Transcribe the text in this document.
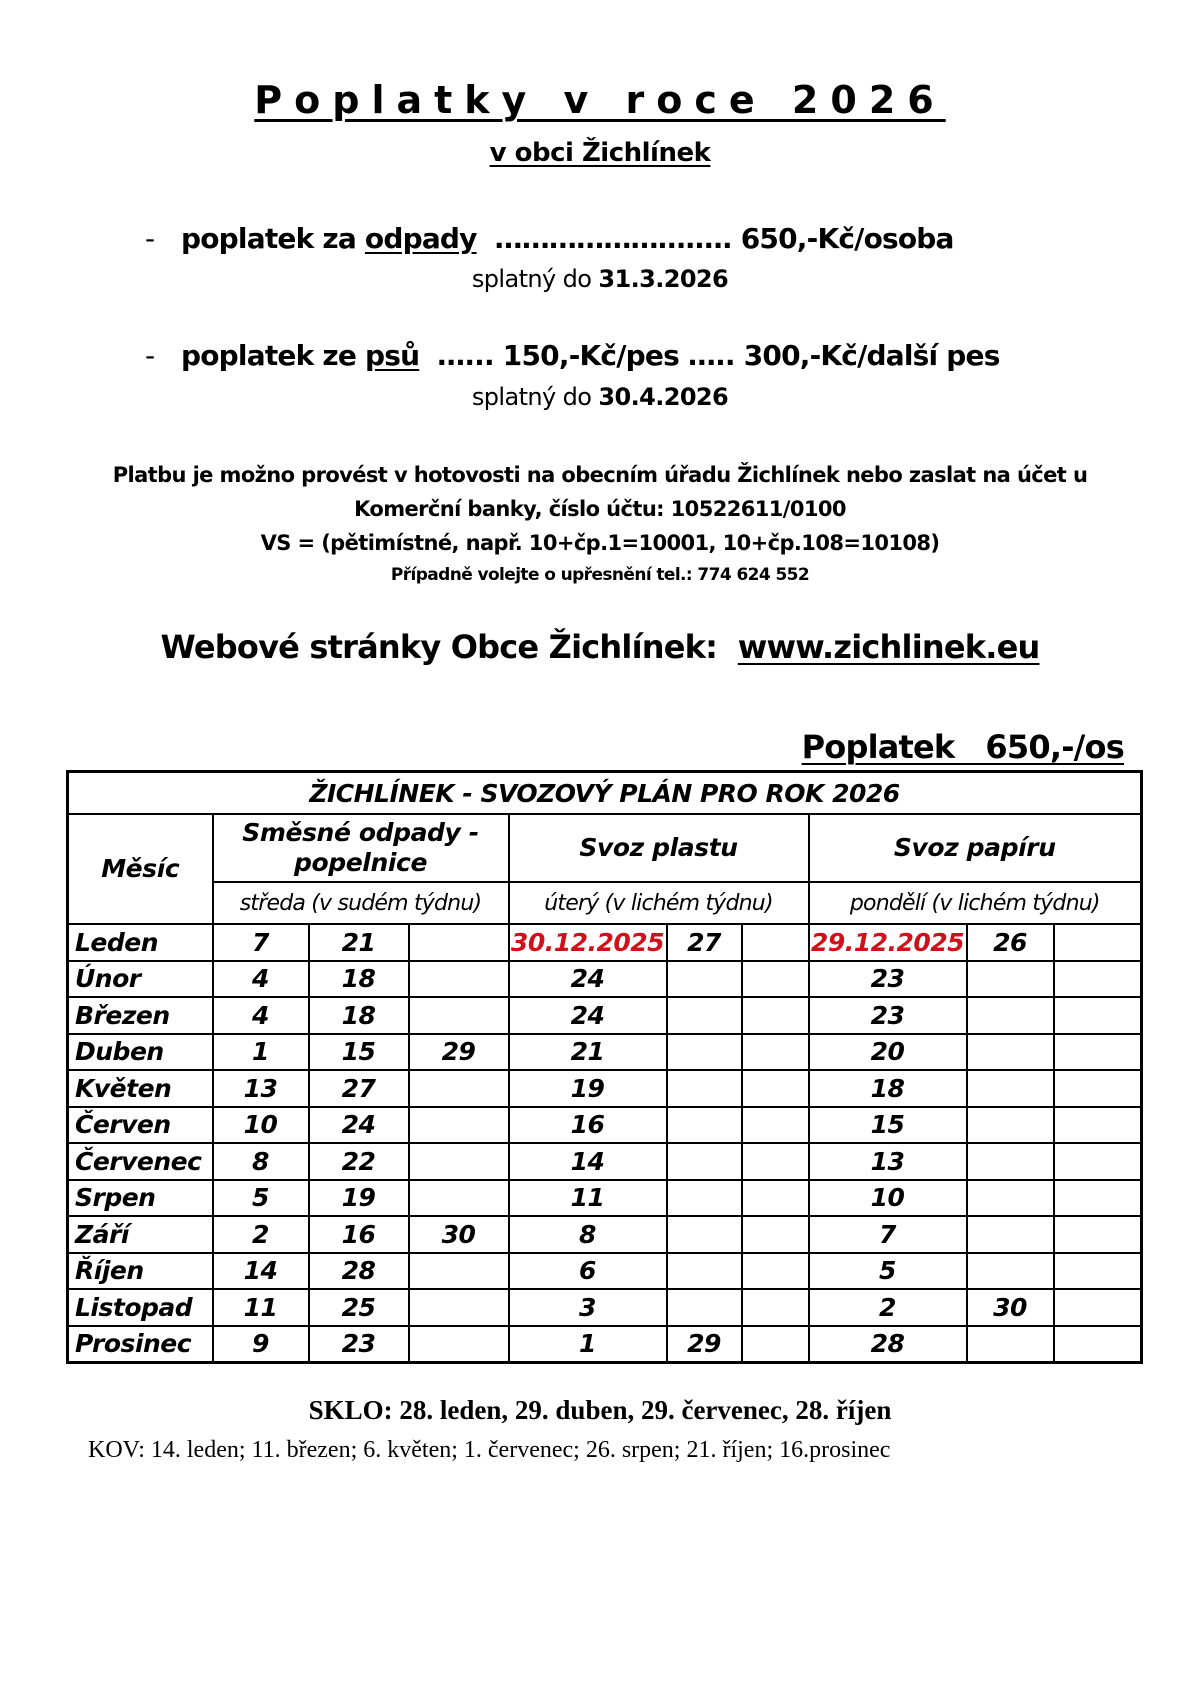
Poplatky v roce 2026
v obci Žichlínek
- poplatek za odpady  ………………….…. 650,-Kč/osoba
splatný do 31.3.2026
- poplatek ze psů  …... 150,-Kč/pes ….. 300,-Kč/další pes
splatný do 30.4.2026
Platbu je možno provést v hotovosti na obecním úřadu Žichlínek nebo zaslat na účet u
Komerční banky, číslo účtu: 10522611/0100
VS = (pětimístné, např. 10+čp.1=10001, 10+čp.108=10108)
Případně volejte o upřesnění tel.: 774 624 552
Webové stránky Obce Žichlínek:  www.zichlinek.eu
Poplatek   650,-/os
ŽICHLÍNEK - SVOZOVÝ PLÁN PRO ROK 2026									
Měsíc	Směsné odpady - popelnice			Svoz plastu			Svoz papíru		
	středa (v sudém týdnu)			úterý (v lichém týdnu)			pondělí (v lichém týdnu)		
Leden	7	21		30.12.2025	27		29.12.2025	26	
Únor	4	18		24			23		
Březen	4	18		24			23		
Duben	1	15	29	21			20		
Květen	13	27		19			18		
Červen	10	24		16			15		
Červenec	8	22		14			13		
Srpen	5	19		11			10		
Září	2	16	30	8			7		
Říjen	14	28		6			5		
Listopad	11	25		3			2	30	
Prosinec	9	23		1	29		28		
SKLO: 28. leden, 29. duben, 29. červenec, 28. říjen
KOV: 14. leden; 11. březen; 6. květen; 1. červenec; 26. srpen; 21. říjen; 16.prosinec
